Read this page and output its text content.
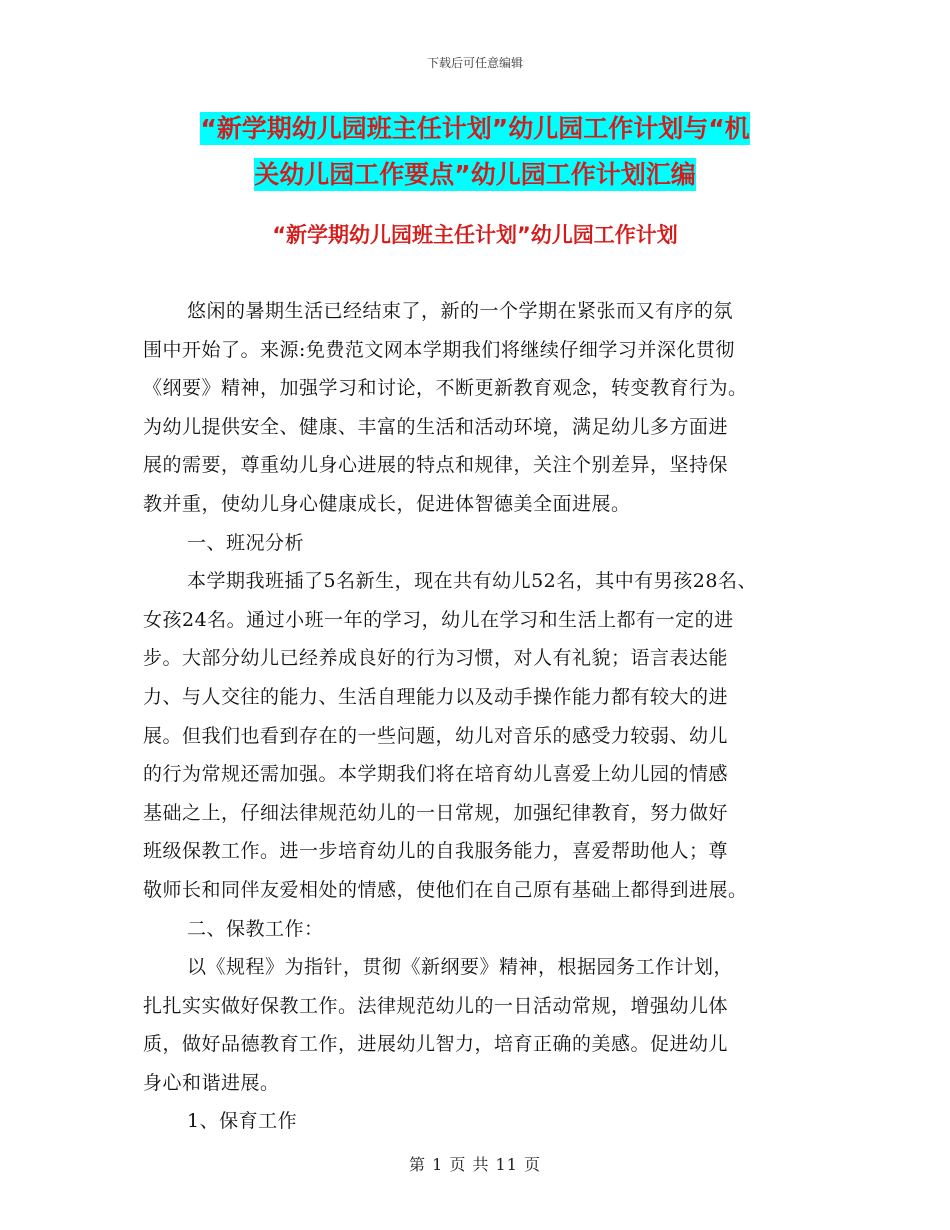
下载后可任意编辑
“新学期幼儿园班主任计划”幼儿园工作计划与“机
关幼儿园工作要点”幼儿园工作计划汇编
“新学期幼儿园班主任计划”幼儿园工作计划
悠闲的暑期生活已经结束了，新的一个学期在紧张而又有序的氛
围中开始了。来源:免费范文网本学期我们将继续仔细学习并深化贯彻
《纲要》精神，加强学习和讨论，不断更新教育观念，转变教育行为。
为幼儿提供安全、健康、丰富的生活和活动环境，满足幼儿多方面进
展的需要，尊重幼儿身心进展的特点和规律，关注个别差异，坚持保
教并重，使幼儿身心健康成长，促进体智德美全面进展。
一、班况分析
本学期我班插了5名新生，现在共有幼儿52名，其中有男孩28名、
女孩24名。通过小班一年的学习，幼儿在学习和生活上都有一定的进
步。大部分幼儿已经养成良好的行为习惯，对人有礼貌；语言表达能
力、与人交往的能力、生活自理能力以及动手操作能力都有较大的进
展。但我们也看到存在的一些问题，幼儿对音乐的感受力较弱、幼儿
的行为常规还需加强。本学期我们将在培育幼儿喜爱上幼儿园的情感
基础之上，仔细法律规范幼儿的一日常规，加强纪律教育，努力做好
班级保教工作。进一步培育幼儿的自我服务能力，喜爱帮助他人；尊
敬师长和同伴友爱相处的情感，使他们在自己原有基础上都得到进展。
二、保教工作：
以《规程》为指针，贯彻《新纲要》精神，根据园务工作计划，
扎扎实实做好保教工作。法律规范幼儿的一日活动常规，增强幼儿体
质，做好品德教育工作，进展幼儿智力，培育正确的美感。促进幼儿
身心和谐进展。
1、保育工作
第 1 页 共 11 页
